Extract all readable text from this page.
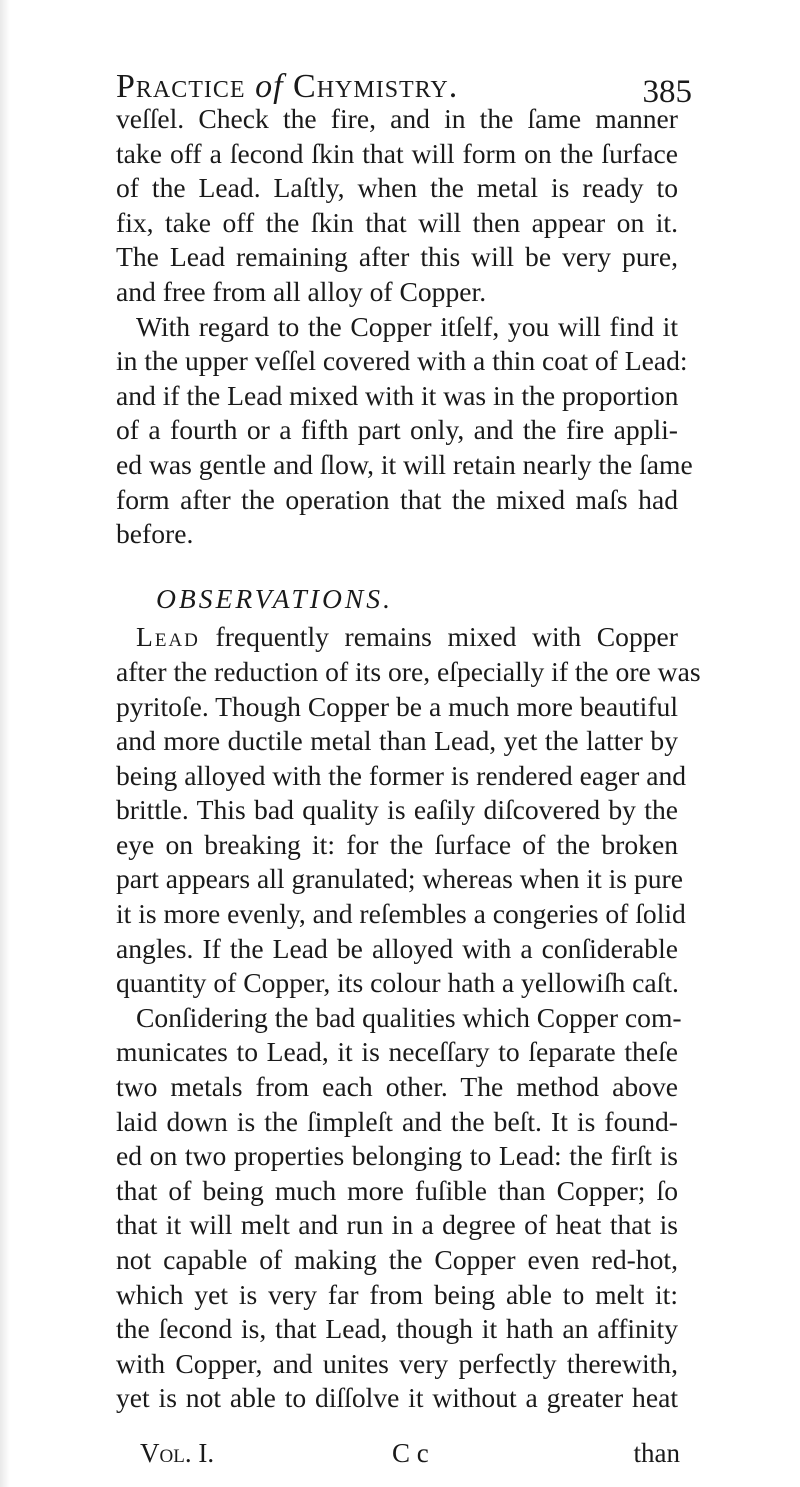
Practice of Chymistry.	385
veſſel. Check the fire, and in the ſame manner
take off a ſecond ſkin that will form on the ſurface
of the Lead. Laſtly, when the metal is ready to
fix, take off the ſkin that will then appear on it.
The Lead remaining after this will be very pure,
and free from all alloy of Copper.
With regard to the Copper itſelf, you will find it
in the upper veſſel covered with a thin coat of Lead:
and if the Lead mixed with it was in the proportion
of a fourth or a fifth part only, and the fire appli-
ed was gentle and ſlow, it will retain nearly the ſame
form after the operation that the mixed maſs had
before.
OBSERVATIONS.
Lead frequently remains mixed with Copper
after the reduction of its ore, eſpecially if the ore was
pyritoſe. Though Copper be a much more beautiful
and more ductile metal than Lead, yet the latter by
being alloyed with the former is rendered eager and
brittle. This bad quality is eaſily diſcovered by the
eye on breaking it: for the ſurface of the broken
part appears all granulated; whereas when it is pure
it is more evenly, and reſembles a congeries of ſolid
angles. If the Lead be alloyed with a conſiderable
quantity of Copper, its colour hath a yellowiſh caſt.
Conſidering the bad qualities which Copper com-
municates to Lead, it is neceſſary to ſeparate theſe
two metals from each other. The method above
laid down is the ſimpleſt and the beſt. It is found-
ed on two properties belonging to Lead: the firſt is
that of being much more fuſible than Copper; ſo
that it will melt and run in a degree of heat that is
not capable of making the Copper even red-hot,
which yet is very far from being able to melt it:
the ſecond is, that Lead, though it hath an affinity
with Copper, and unites very perfectly therewith,
yet is not able to diſſolve it without a greater heat
Vol. I.	C c	than
